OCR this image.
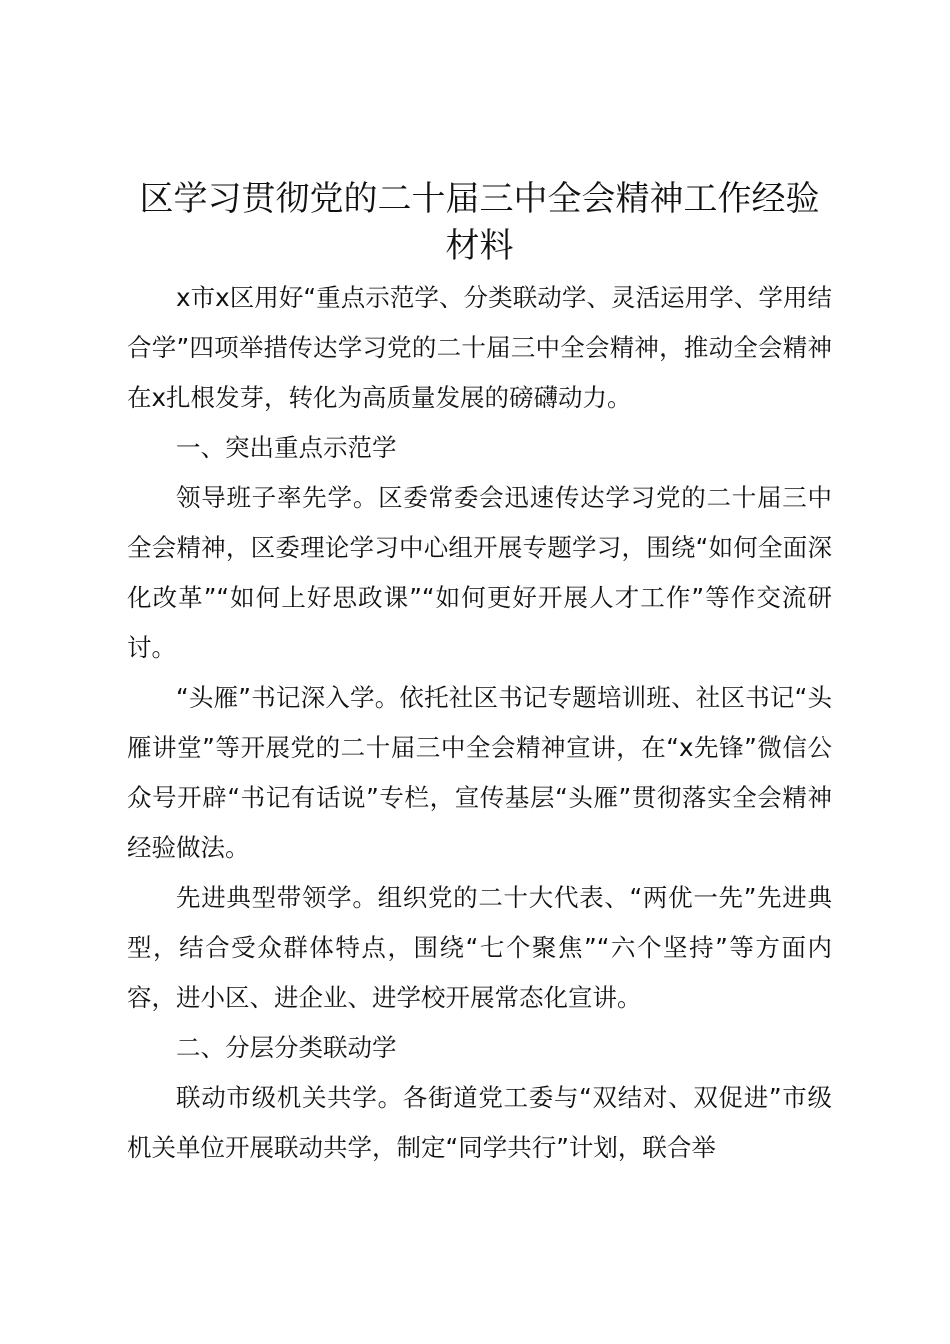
区学习贯彻党的二十届三中全会精神工作经验材料

x市x区用好“重点示范学、分类联动学、灵活运用学、学用结合学”四项举措传达学习党的二十届三中全会精神，推动全会精神在x扎根发芽，转化为高质量发展的磅礴动力。

一、突出重点示范学

领导班子率先学。区委常委会迅速传达学习党的二十届三中全会精神，区委理论学习中心组开展专题学习，围绕“如何全面深化改革”“如何上好思政课”“如何更好开展人才工作”等作交流研讨。

“头雁”书记深入学。依托社区书记专题培训班、社区书记“头雁讲堂”等开展党的二十届三中全会精神宣讲，在“x先锋”微信公众号开辟“书记有话说”专栏，宣传基层“头雁”贯彻落实全会精神经验做法。

先进典型带领学。组织党的二十大代表、“两优一先”先进典型，结合受众群体特点，围绕“七个聚焦”“六个坚持”等方面内容，进小区、进企业、进学校开展常态化宣讲。

二、分层分类联动学

联动市级机关共学。各街道党工委与“双结对、双促进”市级机关单位开展联动共学，制定“同学共行”计划，联合举
